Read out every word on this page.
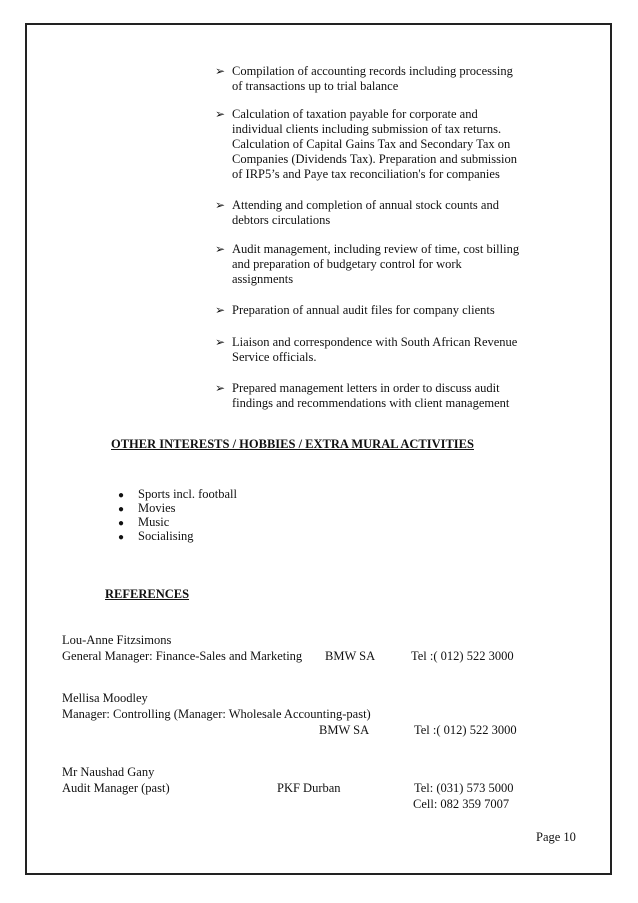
➢ Compilation of accounting records including processing
of transactions up to trial balance
➢ Calculation of taxation payable for corporate and
individual clients including submission of tax returns.
Calculation of Capital Gains Tax and Secondary Tax on
Companies (Dividends Tax). Preparation and submission
of IRP5’s and Paye tax reconciliation's for companies
➢ Attending and completion of annual stock counts and
debtors circulations
➢ Audit management, including review of time, cost billing
and preparation of budgetary control for work
assignments
➢ Preparation of annual audit files for company clients
➢ Liaison and correspondence with South African Revenue
Service officials.
➢ Prepared management letters in order to discuss audit
findings and recommendations with client management
OTHER INTERESTS / HOBBIES / EXTRA MURAL ACTIVITIES
● Sports incl. football
● Movies
● Music
● Socialising
REFERENCES
Lou-Anne Fitzsimons
General Manager: Finance-Sales and Marketing BMW SA	Tel :( 012) 522 3000
Mellisa Moodley
Manager: Controlling (Manager: Wholesale Accounting-past)
BMW SA	Tel :( 012) 522 3000
Mr Naushad Gany
Audit Manager (past)	PKF Durban	Tel: (031) 573 5000
Cell: 082 359 7007
Page 10
